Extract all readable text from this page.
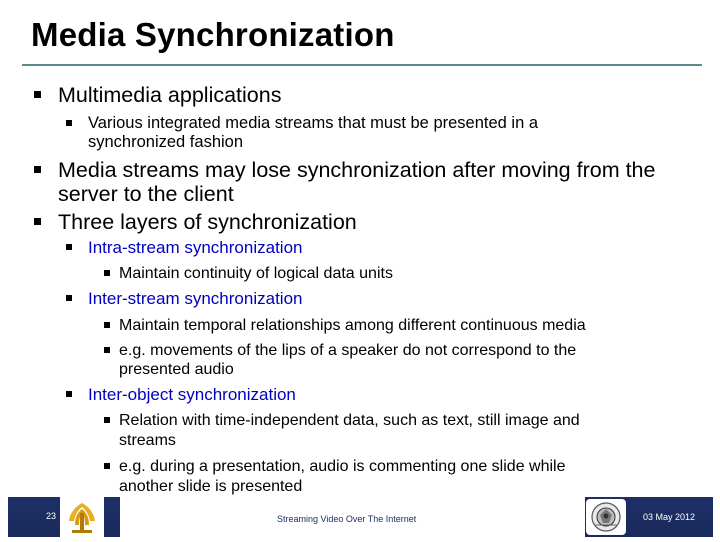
Media Synchronization
Multimedia applications
Various integrated media streams that must be presented in a
synchronized fashion
Media streams may lose synchronization after moving from the
server to the client
Three layers of synchronization
Intra-stream synchronization
Maintain continuity of logical data units
Inter-stream synchronization
Maintain temporal relationships among different continuous media
e.g. movements of the lips of a speaker do not correspond to the
presented audio
Inter-object synchronization
Relation with time-independent data, such as text, still image and
streams
e.g. during a presentation, audio is commenting one slide while
another slide is presented
23	Streaming Video Over The Internet	03 May 2012
